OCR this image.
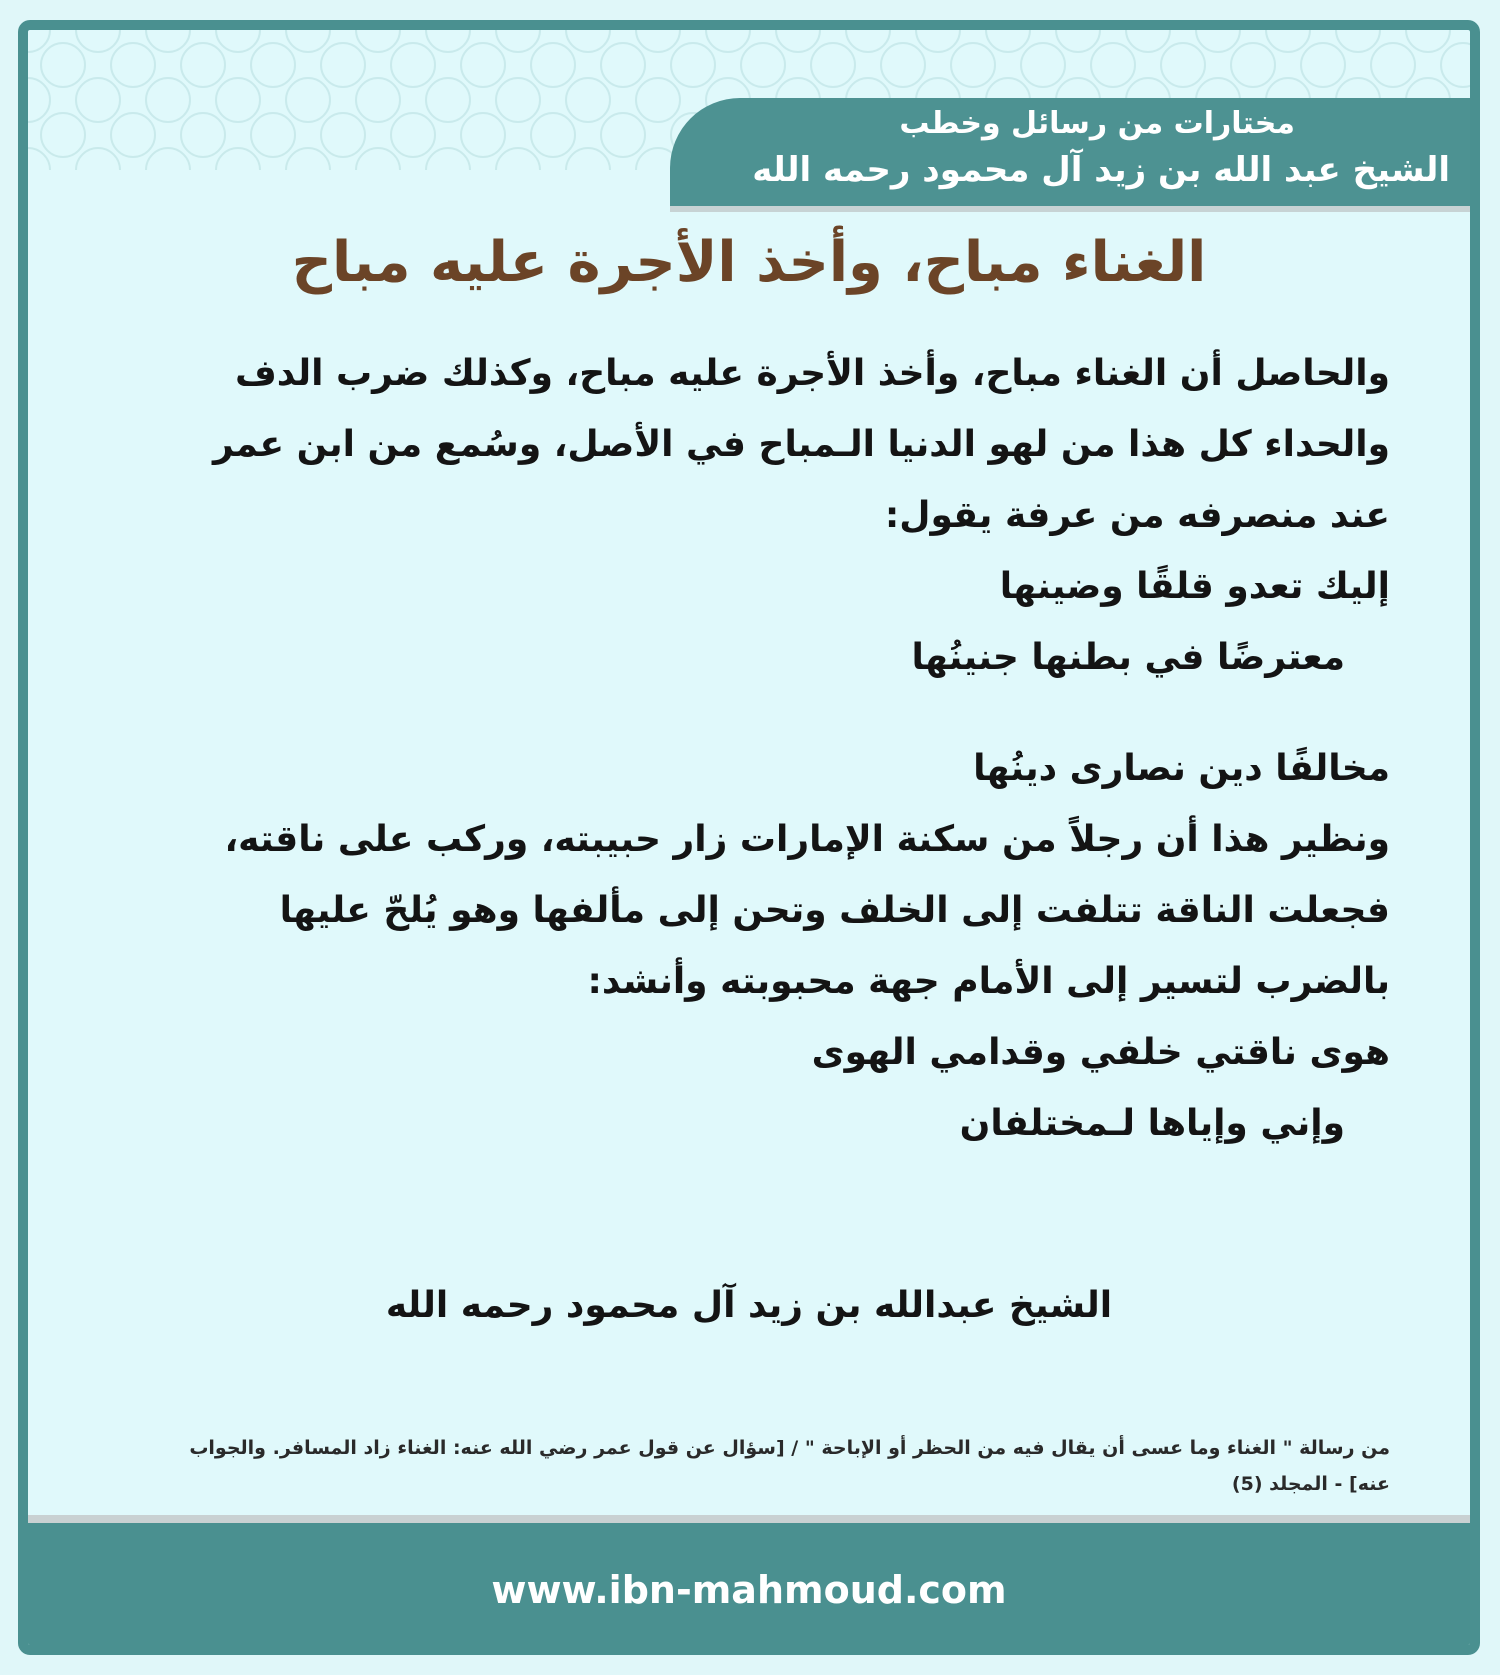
مختارات من رسائل وخطب
الشيخ عبد الله بن زيد آل محمود رحمه الله
الغناء مباح، وأخذ الأجرة عليه مباح
والحاصل أن الغناء مباح، وأخذ الأجرة عليه مباح، وكذلك ضرب الدف
والحداء كل هذا من لهو الدنيا الـمباح في الأصل، وسُمع من ابن عمر
عند منصرفه من عرفة يقول:
إليك تعدو قلقًا وضينها
معترضًا في بطنها جنينُها
مخالفًا دين نصارى دينُها
ونظير هذا أن رجلاً من سكنة الإمارات زار حبيبته، وركب على ناقته،
فجعلت الناقة تتلفت إلى الخلف وتحن إلى مألفها وهو يُلحّ عليها
بالضرب لتسير إلى الأمام جهة محبوبته وأنشد:
هوى ناقتي خلفي وقدامي الهوى
وإني وإياها لـمختلفان
الشيخ عبدالله بن زيد آل محمود رحمه الله
من رسالة " الغناء وما عسى أن يقال فيه من الحظر أو الإباحة " / [سؤال عن قول عمر رضي الله عنه: الغناء زاد المسافر. والجواب
عنه] - المجلد (5)
www.ibn-mahmoud.com
